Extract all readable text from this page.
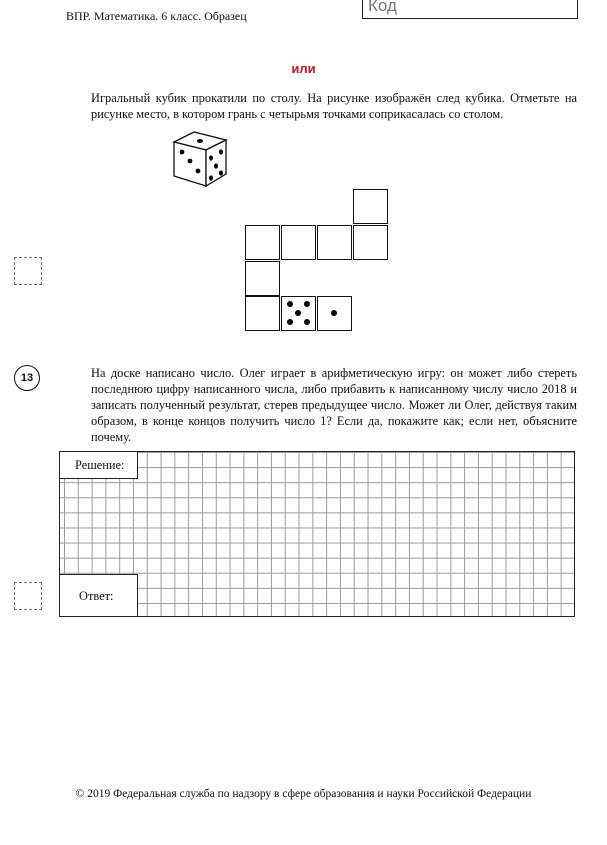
ВПР. Математика. 6 класс. Образец
Код
или
Игральный кубик прокатили по столу. На рисунке изображён след кубика. Отметьте на рисунке место, в котором грань с четырьмя точками соприкасалась со столом.
13	На доске написано число. Олег играет в арифметическую игру: он может либо стереть последнюю цифру написанного числа, либо прибавить к написанному числу число 2018 и записать полученный результат, стерев предыдущее число. Может ли Олег, действуя таким образом, в конце концов получить число 1? Если да, покажите как; если нет, объясните почему.
Решение:
Ответ:
© 2019 Федеральная служба по надзору в сфере образования и науки Российской Федерации
